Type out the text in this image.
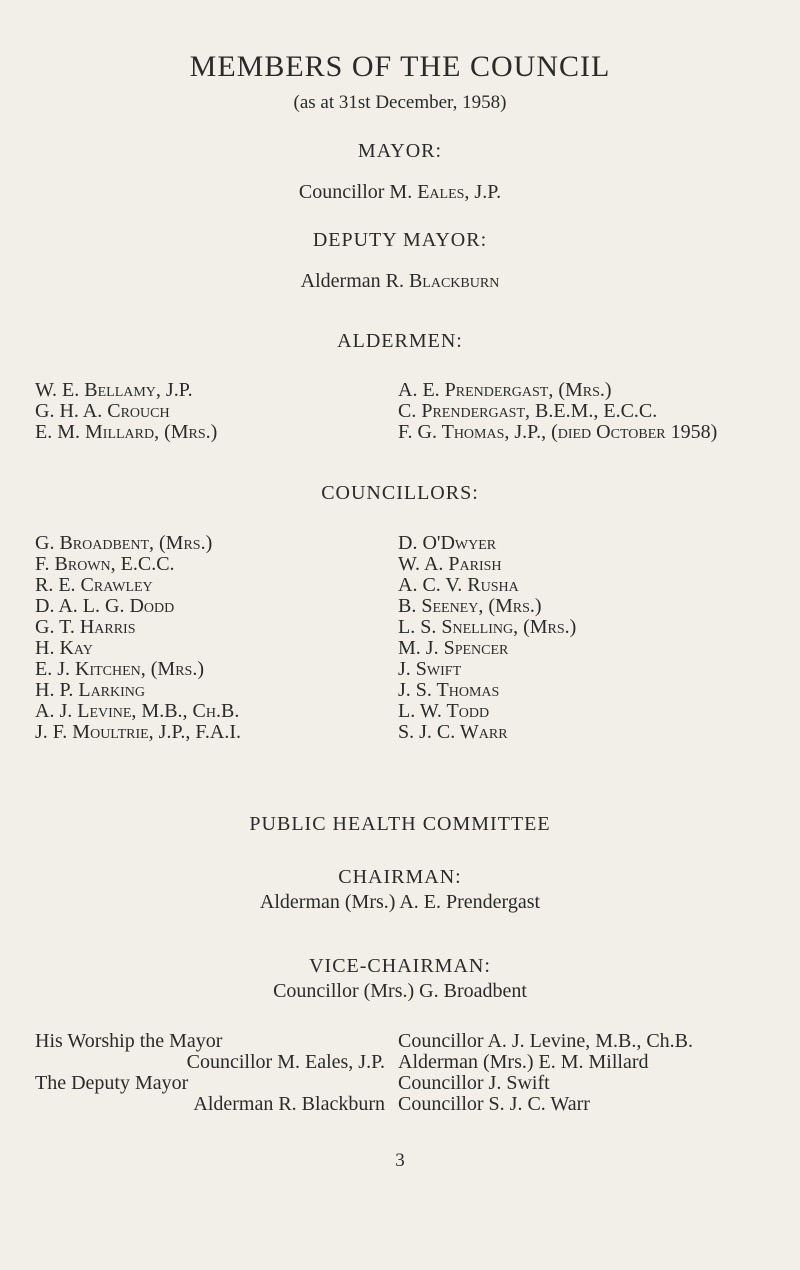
MEMBERS OF THE COUNCIL
(as at 31st December, 1958)
MAYOR:
Councillor M. Eales, J.P.
DEPUTY MAYOR:
Alderman R. Blackburn
ALDERMEN:
W. E. Bellamy, J.P.
G. H. A. Crouch
E. M. Millard, (Mrs.)
A. E. Prendergast, (Mrs.)
C. Prendergast, B.E.M., E.C.C.
F. G. Thomas, J.P., (died October 1958)
COUNCILLORS:
G. Broadbent, (Mrs.)
F. Brown, E.C.C.
R. E. Crawley
D. A. L. G. Dodd
G. T. Harris
H. Kay
E. J. Kitchen, (Mrs.)
H. P. Larking
A. J. Levine, M.B., Ch.B.
J. F. Moultrie, J.P., F.A.I.
D. O'Dwyer
W. A. Parish
A. C. V. Rusha
B. Seeney, (Mrs.)
L. S. Snelling, (Mrs.)
M. J. Spencer
J. Swift
J. S. Thomas
L. W. Todd
S. J. C. Warr
PUBLIC HEALTH COMMITTEE
CHAIRMAN:
Alderman (Mrs.) A. E. Prendergast
VICE-CHAIRMAN:
Councillor (Mrs.) G. Broadbent
His Worship the Mayor
Councillor M. Eales, J.P.
The Deputy Mayor
Alderman R. Blackburn
Councillor A. J. Levine, M.B., Ch.B.
Alderman (Mrs.) E. M. Millard
Councillor J. Swift
Councillor S. J. C. Warr
3
